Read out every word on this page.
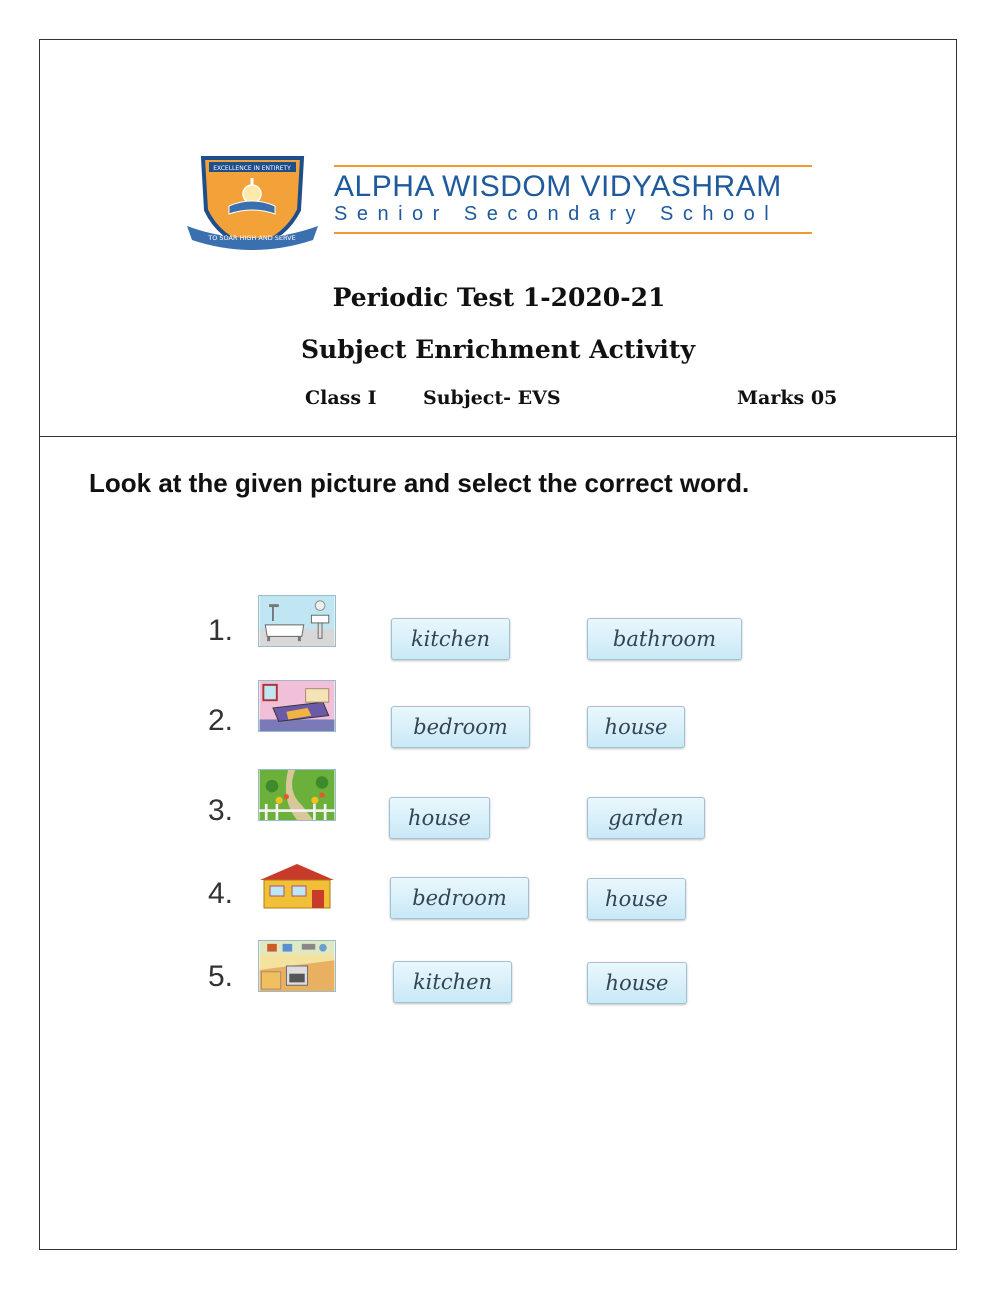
EXCELLENCE IN ENTIRETY
TO SOAR HIGH AND SERVE
ALPHA WISDOM VIDYASHRAM
Senior Secondary School
Periodic Test 1-2020-21
Subject Enrichment Activity
Class I Subject- EVS	Marks 05
Look at the given picture and select the correct word.
1.	kitchen	bathroom
2.	bedroom	house
3.	house	garden
4.	bedroom	house
5.	kitchen	house
